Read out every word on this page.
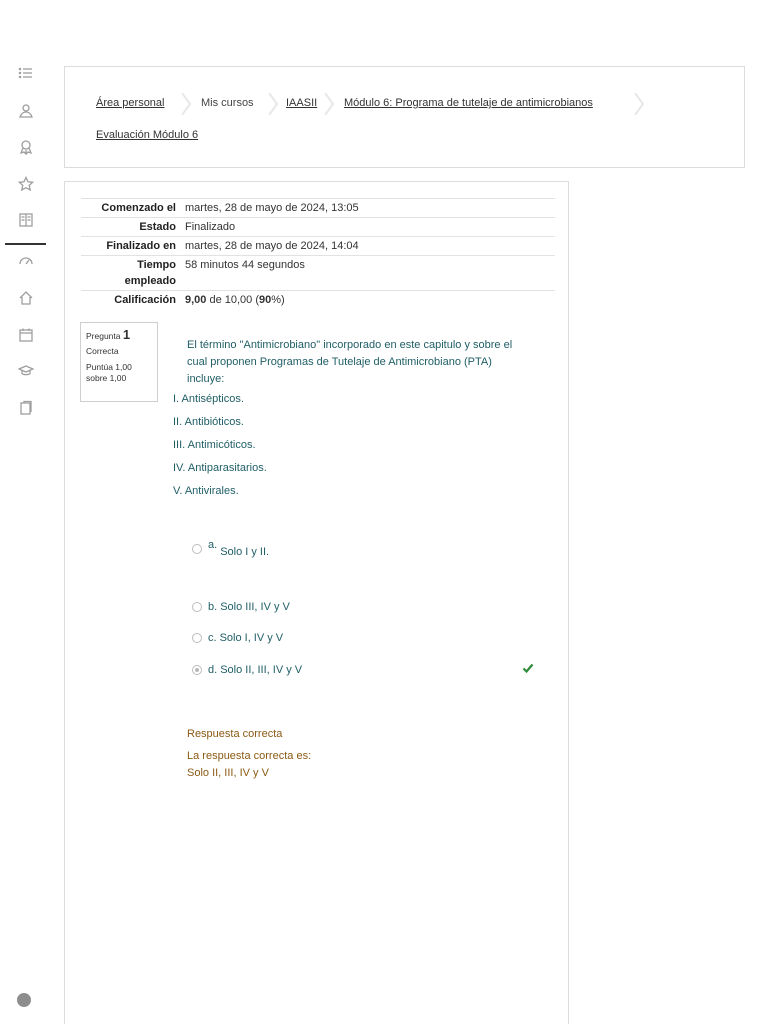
Área personal	Mis cursos	IAASII Módulo 6: Programa de tutelaje de antimicrobianos
Evaluación Módulo 6
Comenzado el martes, 28 de mayo de 2024, 13:05
Estado Finalizado
Finalizado en martes, 28 de mayo de 2024, 14:04
Tiempo
empleado
58 minutos 44 segundos
Calificación 9,00 de 10,00 (90%)
Pregunta 1
Correcta
Puntúa 1,00
sobre 1,00
El término "Antimicrobiano" incorporado en este capitulo y sobre el cual proponen Programas de Tutelaje de Antimicrobiano (PTA) incluye:
I. Antisépticos.
II. Antibióticos.
III. Antimicóticos.
IV. Antiparasitarios.
V. Antivirales.
a.
Solo I y II.
b. Solo III, IV y V
c. Solo I, IV y V
d. Solo II, III, IV y V
Respuesta correcta
La respuesta correcta es:
Solo II, III, IV y V
